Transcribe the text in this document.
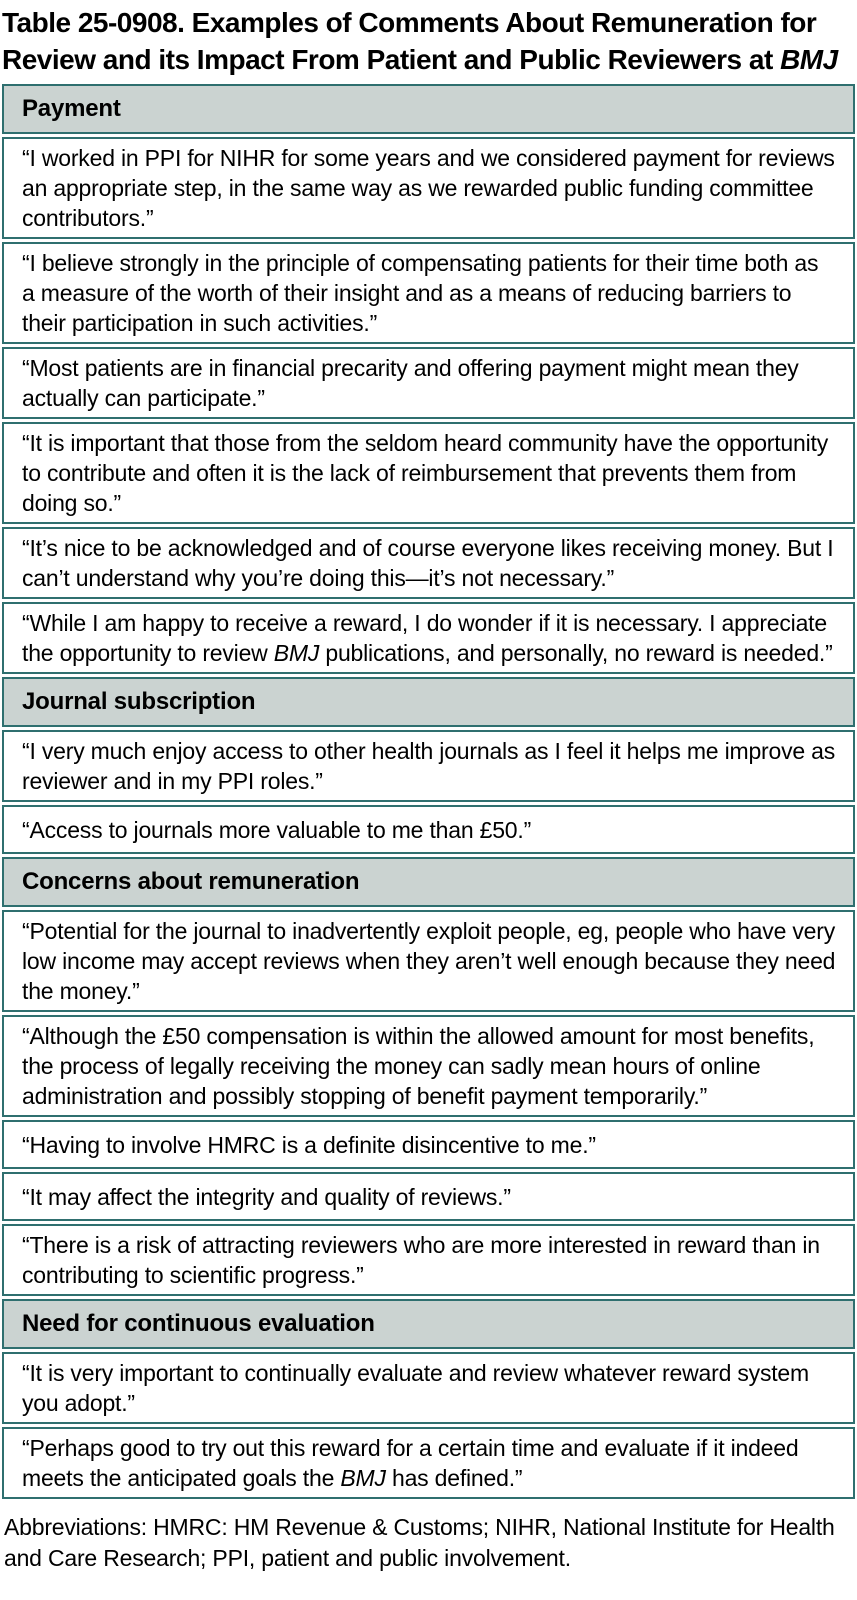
Table 25-0908. Examples of Comments About Remuneration for
Review and its Impact From Patient and Public Reviewers at BMJ
Payment
“I worked in PPI for NIHR for some years and we considered payment for reviews an appropriate step, in the same way as we rewarded public funding committee contributors.”
“I believe strongly in the principle of compensating patients for their time both as a measure of the worth of their insight and as a means of reducing barriers to their participation in such activities.”
“Most patients are in financial precarity and offering payment might mean they actually can participate.”
“It is important that those from the seldom heard community have the opportunity to contribute and often it is the lack of reimbursement that prevents them from doing so.”
“It’s nice to be acknowledged and of course everyone likes receiving money. But I can’t understand why you’re doing this—it’s not necessary.”
“While I am happy to receive a reward, I do wonder if it is necessary. I appreciate the opportunity to review BMJ publications, and personally, no reward is needed.”
Journal subscription
“I very much enjoy access to other health journals as I feel it helps me improve as reviewer and in my PPI roles.”
“Access to journals more valuable to me than £50.”
Concerns about remuneration
“Potential for the journal to inadvertently exploit people, eg, people who have very low income may accept reviews when they aren’t well enough because they need the money.”
“Although the £50 compensation is within the allowed amount for most benefits, the process of legally receiving the money can sadly mean hours of online administration and possibly stopping of benefit payment temporarily.”
“Having to involve HMRC is a definite disincentive to me.”
“It may affect the integrity and quality of reviews.”
“There is a risk of attracting reviewers who are more interested in reward than in contributing to scientific progress.”
Need for continuous evaluation
“It is very important to continually evaluate and review whatever reward system you adopt.”
“Perhaps good to try out this reward for a certain time and evaluate if it indeed meets the anticipated goals the BMJ has defined.”
Abbreviations: HMRC: HM Revenue & Customs; NIHR, National Institute for Health and Care Research; PPI, patient and public involvement.
